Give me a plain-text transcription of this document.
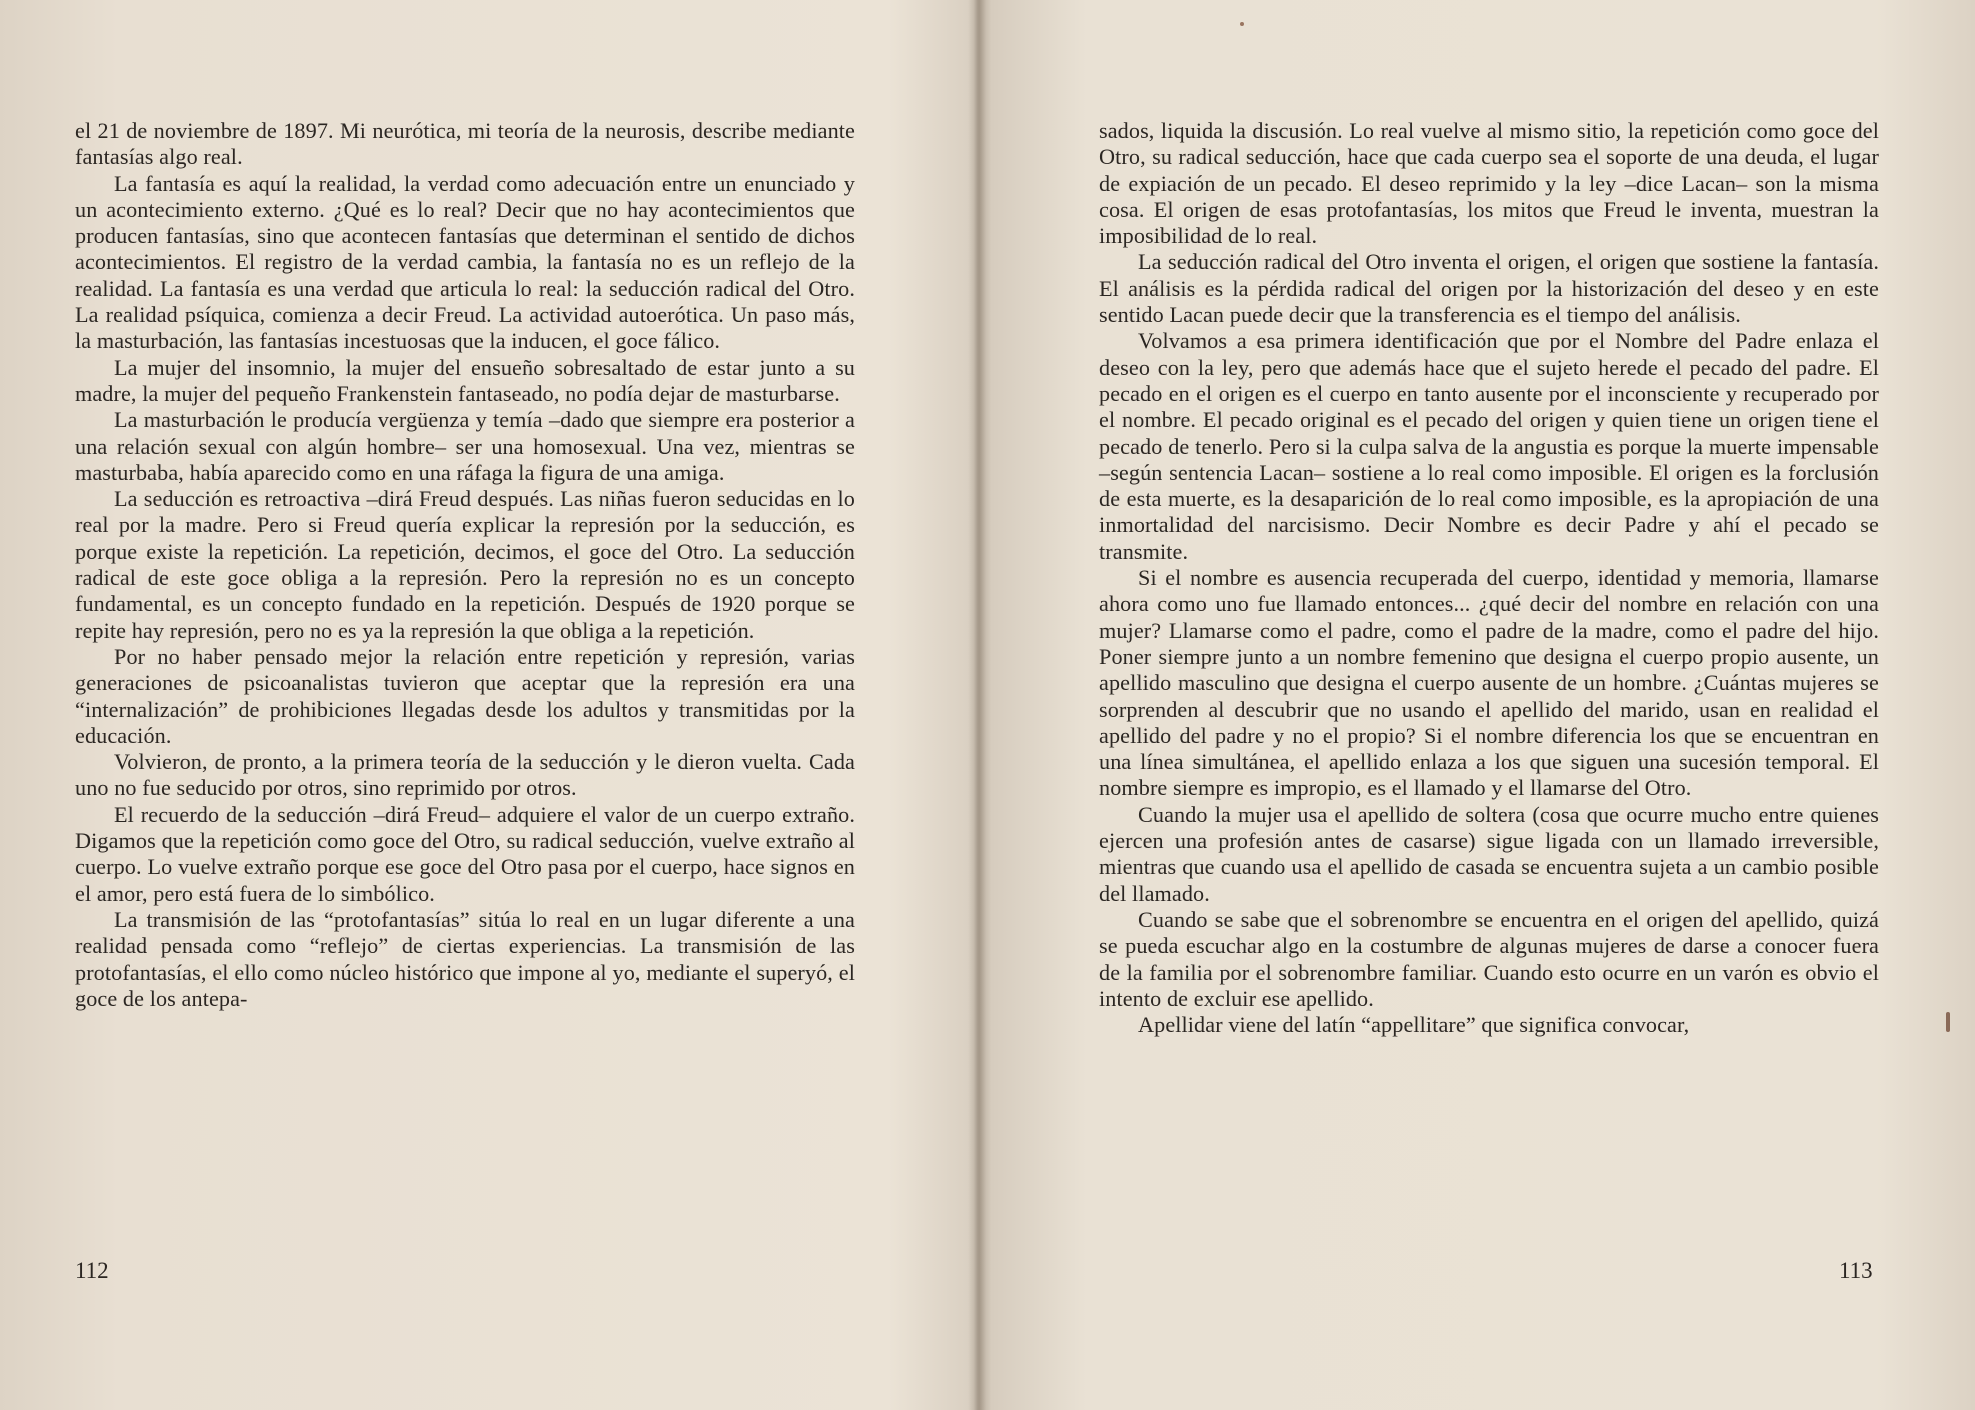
el 21 de noviembre de 1897. Mi neurótica, mi teoría de la neurosis, describe mediante fantasías algo real.

La fantasía es aquí la realidad, la verdad como adecuación entre un enunciado y un acontecimiento externo. ¿Qué es lo real? Decir que no hay acontecimientos que producen fantasías, sino que acontecen fantasías que determinan el sentido de dichos acontecimientos. El registro de la verdad cambia, la fantasía no es un reflejo de la realidad. La fantasía es una verdad que articula lo real: la seducción radical del Otro. La realidad psíquica, comienza a decir Freud. La actividad autoerótica. Un paso más, la masturbación, las fantasías incestuosas que la inducen, el goce fálico.

La mujer del insomnio, la mujer del ensueño sobresaltado de estar junto a su madre, la mujer del pequeño Frankenstein fantaseado, no podía dejar de masturbarse.

La masturbación le producía vergüenza y temía –dado que siempre era posterior a una relación sexual con algún hombre– ser una homosexual. Una vez, mientras se masturbaba, había aparecido como en una ráfaga la figura de una amiga.

La seducción es retroactiva –dirá Freud después. Las niñas fueron seducidas en lo real por la madre. Pero si Freud quería explicar la represión por la seducción, es porque existe la repetición. La repetición, decimos, el goce del Otro. La seducción radical de este goce obliga a la represión. Pero la represión no es un concepto fundamental, es un concepto fundado en la repetición. Después de 1920 porque se repite hay represión, pero no es ya la represión la que obliga a la repetición.

Por no haber pensado mejor la relación entre repetición y represión, varias generaciones de psicoanalistas tuvieron que aceptar que la represión era una “internalización” de prohibiciones llegadas desde los adultos y transmitidas por la educación.

Volvieron, de pronto, a la primera teoría de la seducción y le dieron vuelta. Cada uno no fue seducido por otros, sino reprimido por otros.

El recuerdo de la seducción –dirá Freud– adquiere el valor de un cuerpo extraño. Digamos que la repetición como goce del Otro, su radical seducción, vuelve extraño al cuerpo. Lo vuelve extraño porque ese goce del Otro pasa por el cuerpo, hace signos en el amor, pero está fuera de lo simbólico.

La transmisión de las “protofantasías” sitúa lo real en un lugar diferente a una realidad pensada como “reflejo” de ciertas experiencias. La transmisión de las protofantasías, el ello como núcleo histórico que impone al yo, mediante el superyó, el goce de los antepa-

sados, liquida la discusión. Lo real vuelve al mismo sitio, la repetición como goce del Otro, su radical seducción, hace que cada cuerpo sea el soporte de una deuda, el lugar de expiación de un pecado. El deseo reprimido y la ley –dice Lacan– son la misma cosa. El origen de esas protofantasías, los mitos que Freud le inventa, muestran la imposibilidad de lo real.

La seducción radical del Otro inventa el origen, el origen que sostiene la fantasía. El análisis es la pérdida radical del origen por la historización del deseo y en este sentido Lacan puede decir que la transferencia es el tiempo del análisis.

Volvamos a esa primera identificación que por el Nombre del Padre enlaza el deseo con la ley, pero que además hace que el sujeto herede el pecado del padre. El pecado en el origen es el cuerpo en tanto ausente por el inconsciente y recuperado por el nombre. El pecado original es el pecado del origen y quien tiene un origen tiene el pecado de tenerlo. Pero si la culpa salva de la angustia es porque la muerte impensable –según sentencia Lacan– sostiene a lo real como imposible. El origen es la forclusión de esta muerte, es la desaparición de lo real como imposible, es la apropiación de una inmortalidad del narcisismo. Decir Nombre es decir Padre y ahí el pecado se transmite.

Si el nombre es ausencia recuperada del cuerpo, identidad y memoria, llamarse ahora como uno fue llamado entonces... ¿qué decir del nombre en relación con una mujer? Llamarse como el padre, como el padre de la madre, como el padre del hijo. Poner siempre junto a un nombre femenino que designa el cuerpo propio ausente, un apellido masculino que designa el cuerpo ausente de un hombre. ¿Cuántas mujeres se sorprenden al descubrir que no usando el apellido del marido, usan en realidad el apellido del padre y no el propio? Si el nombre diferencia los que se encuentran en una línea simultánea, el apellido enlaza a los que siguen una sucesión temporal. El nombre siempre es impropio, es el llamado y el llamarse del Otro.

Cuando la mujer usa el apellido de soltera (cosa que ocurre mucho entre quienes ejercen una profesión antes de casarse) sigue ligada con un llamado irreversible, mientras que cuando usa el apellido de casada se encuentra sujeta a un cambio posible del llamado.

Cuando se sabe que el sobrenombre se encuentra en el origen del apellido, quizá se pueda escuchar algo en la costumbre de algunas mujeres de darse a conocer fuera de la familia por el sobrenombre familiar. Cuando esto ocurre en un varón es obvio el intento de excluir ese apellido.

Apellidar viene del latín “appellitare” que significa convocar,

112	113
